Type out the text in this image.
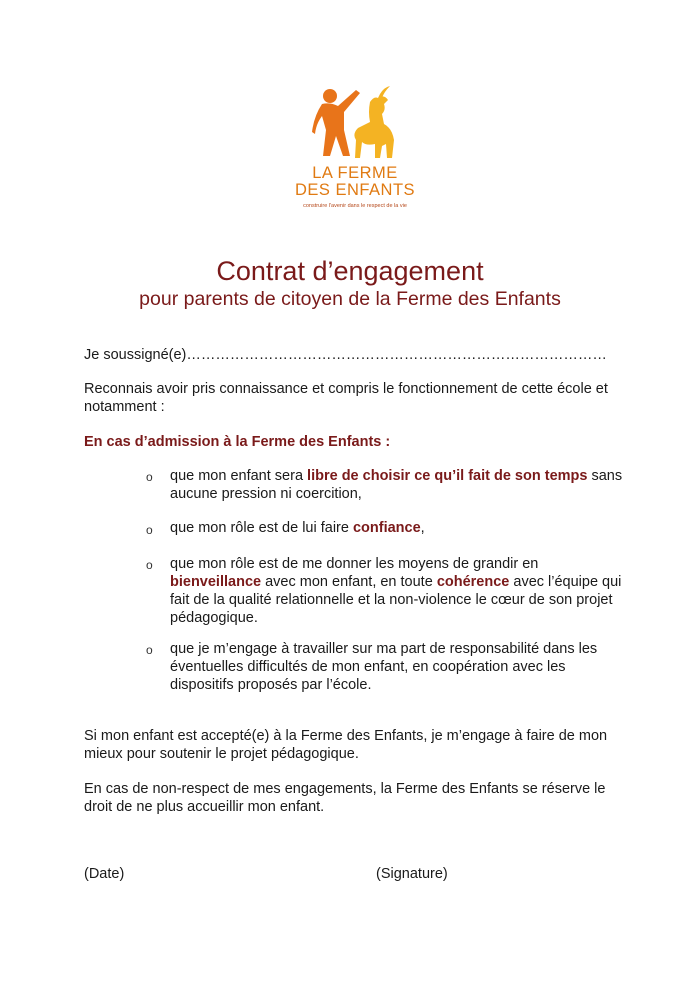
LA FERME
DES ENFANTS
construire l'avenir dans le respect de la vie
Contrat d’engagement
pour parents de citoyen de la Ferme des Enfants
Je soussigné(e)……………………………………………………………………………
Reconnais avoir pris connaissance et compris le fonctionnement de cette école et notamment :
En cas d’admission à la Ferme des Enfants :
o que mon enfant sera libre de choisir ce qu’il fait de son temps sans aucune pression ni coercition,
o que mon rôle est de lui faire confiance,
o que mon rôle est de me donner les moyens de grandir en bienveillance avec mon enfant, en toute cohérence avec l’équipe qui fait de la qualité relationnelle et la non-violence le cœur de son projet pédagogique.
o que je m’engage à travailler sur ma part de responsabilité dans les éventuelles difficultés de mon enfant, en coopération avec les dispositifs proposés par l’école.
Si mon enfant est accepté(e) à la Ferme des Enfants, je m’engage à faire de mon mieux pour soutenir le projet pédagogique.
En cas de non-respect de mes engagements, la Ferme des Enfants se réserve le droit de ne plus accueillir mon enfant.
(Date)	(Signature)
